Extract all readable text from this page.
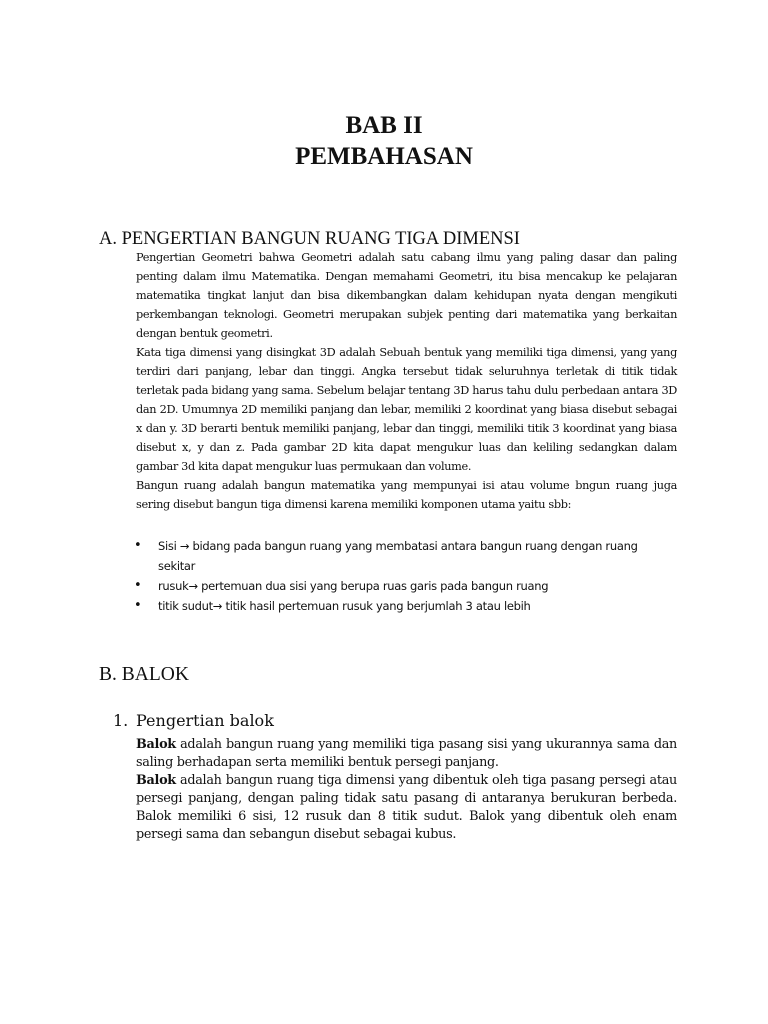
BAB II
PEMBAHASAN
A. PENGERTIAN BANGUN RUANG TIGA DIMENSI

Pengertian Geometri bahwa Geometri adalah satu cabang ilmu yang paling dasar dan paling penting dalam ilmu Matematika. Dengan memahami Geometri, itu bisa mencakup ke pelajaran matematika tingkat lanjut dan bisa dikembangkan dalam kehidupan nyata dengan mengikuti perkembangan teknologi. Geometri merupakan subjek penting dari matematika yang berkaitan dengan bentuk geometri.

Kata tiga dimensi yang disingkat 3D adalah Sebuah bentuk yang memiliki tiga dimensi, yang yang terdiri dari panjang, lebar dan tinggi. Angka tersebut tidak seluruhnya terletak di titik tidak terletak pada bidang yang sama. Sebelum belajar tentang 3D harus tahu dulu perbedaan antara 3D dan 2D. Umumnya 2D memiliki panjang dan lebar, memiliki 2 koordinat yang biasa disebut sebagai x dan y. 3D berarti bentuk memiliki panjang, lebar dan tinggi, memiliki titik 3 koordinat yang biasa disebut x, y dan z. Pada gambar 2D kita dapat mengukur luas dan keliling sedangkan dalam gambar 3d kita dapat mengukur luas permukaan dan volume.

Bangun ruang adalah bangun matematika yang mempunyai isi atau volume bngun ruang juga sering disebut bangun tiga dimensi karena memiliki komponen utama yaitu sbb:

• Sisi → bidang pada bangun ruang yang membatasi antara bangun ruang dengan ruang sekitar
• rusuk→ pertemuan dua sisi yang berupa ruas garis pada bangun ruang
• titik sudut→ titik hasil pertemuan rusuk yang berjumlah 3 atau lebih
B. BALOK
1. Pengertian balok

Balok adalah bangun ruang yang memiliki tiga pasang sisi yang ukurannya sama dan saling berhadapan serta memiliki bentuk persegi panjang.

Balok adalah bangun ruang tiga dimensi yang dibentuk oleh tiga pasang persegi atau persegi panjang, dengan paling tidak satu pasang di antaranya berukuran berbeda. Balok memiliki 6 sisi, 12 rusuk dan 8 titik sudut. Balok yang dibentuk oleh enam persegi sama dan sebangun disebut sebagai kubus.
